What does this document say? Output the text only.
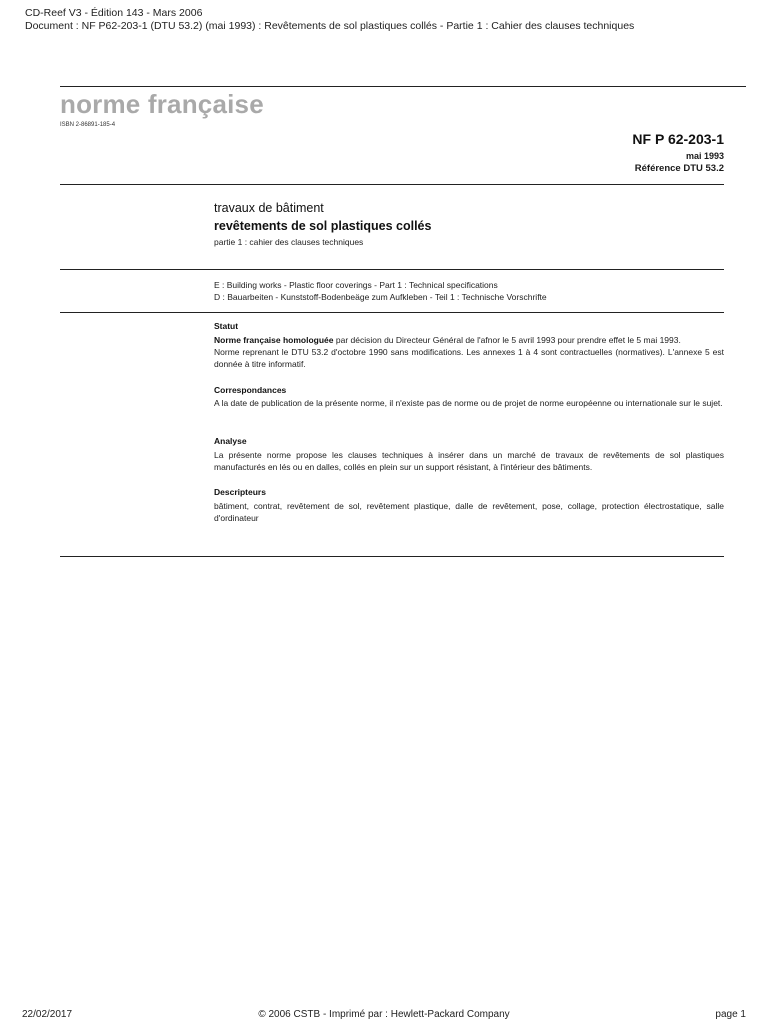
CD-Reef V3 - Édition 143 - Mars 2006
Document : NF P62-203-1 (DTU 53.2) (mai 1993) : Revêtements de sol plastiques collés - Partie 1 : Cahier des clauses techniques
norme française
ISBN 2-86891-185-4
NF P 62-203-1
mai 1993
Référence DTU 53.2
travaux de bâtiment
revêtements de sol plastiques collés
partie 1 : cahier des clauses techniques
E : Building works - Plastic floor coverings - Part 1 : Technical specifications
D : Bauarbeiten - Kunststoff-Bodenbeäge zum Aufkleben - Teil 1 : Technische Vorschrifte
Statut
Norme française homologuée par décision du Directeur Général de l'afnor le 5 avril 1993 pour prendre effet le 5 mai 1993.
Norme reprenant le DTU 53.2 d'octobre 1990 sans modifications. Les annexes 1 à 4 sont contractuelles (normatives). L'annexe 5 est donnée à titre informatif.
Correspondances
A la date de publication de la présente norme, il n'existe pas de norme ou de projet de norme européenne ou internationale sur le sujet.
Analyse
La présente norme propose les clauses techniques à insérer dans un marché de travaux de revêtements de sol plastiques manufacturés en lés ou en dalles, collés en plein sur un support résistant, à l'intérieur des bâtiments.
Descripteurs
bâtiment, contrat, revêtement de sol, revêtement plastique, dalle de revêtement, pose, collage, protection électrostatique, salle d'ordinateur
22/02/2017	© 2006 CSTB - Imprimé par : Hewlett-Packard Company	page 1
